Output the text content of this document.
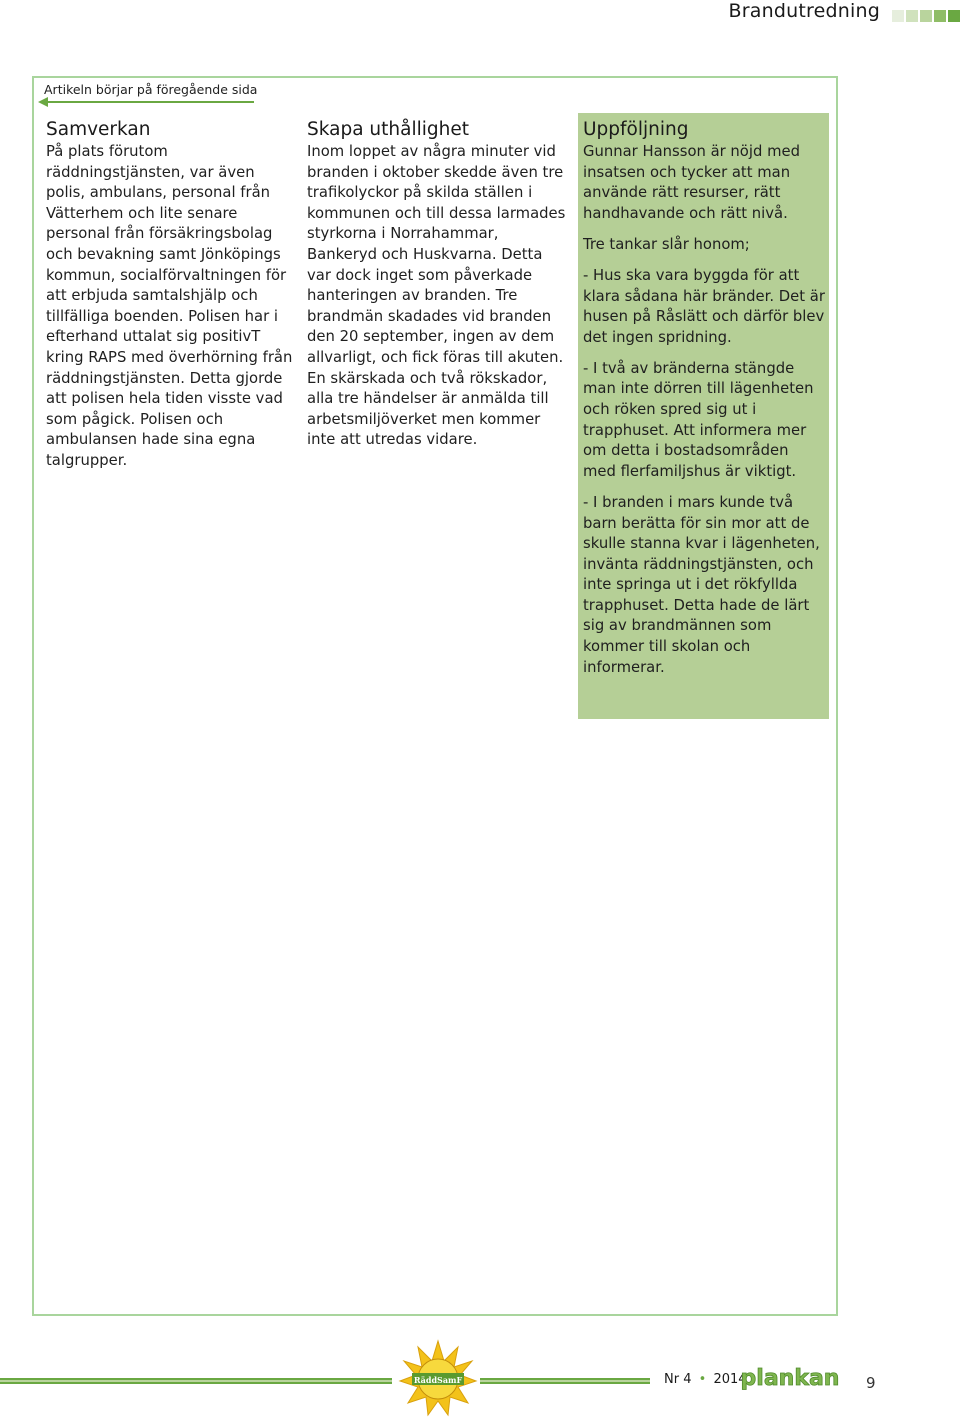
Brandutredning
Artikeln börjar på föregående sida
Samverkan

På plats förutom räddningstjänsten, var även polis, ambulans, personal från Vätterhem och lite senare personal från försäkringsbolag och bevakning samt Jönköpings kommun, socialförvaltningen för att erbjuda samtalshjälp och tillfälliga boenden. Polisen har i efterhand uttalat sig positivT kring RAPS med överhörning från räddningstjänsten. Detta gjorde att polisen hela tiden visste vad som pågick. Polisen och ambulansen hade sina egna talgrupper.

Skapa uthållighet

Inom loppet av några minuter vid branden i oktober skedde även tre trafikolyckor på skilda ställen i kommunen och till dessa larmades styrkorna i Norrahammar, Bankeryd och Huskvarna. Detta var dock inget som påverkade hanteringen av branden. Tre brandmän skadades vid branden den 20 september, ingen av dem allvarligt, och fick föras till akuten. En skärskada och två rökskador, alla tre händelser är anmälda till arbetsmiljöverket men kommer inte att utredas vidare.

Uppföljning

Gunnar Hansson är nöjd med insatsen och tycker att man använde rätt resurser, rätt handhavande och rätt nivå.

Tre tankar slår honom;

- Hus ska vara byggda för att klara sådana här bränder. Det är husen på Råslätt och därför blev det ingen spridning.

- I två av bränderna stängde man inte dörren till lägenheten och röken spred sig ut i trapphuset. Att informera mer om detta i bostadsområden med flerfamiljshus är viktigt.

- I branden i mars kunde två barn berätta för sin mor att de skulle stanna kvar i lägenheten, invänta räddningstjänsten, och inte springa ut i det rökfyllda trapphuset. Detta hade de lärt sig av brandmännen som kommer till skolan och informerar.

RäddSamF	Nr 4 • 2014
plankan 9
